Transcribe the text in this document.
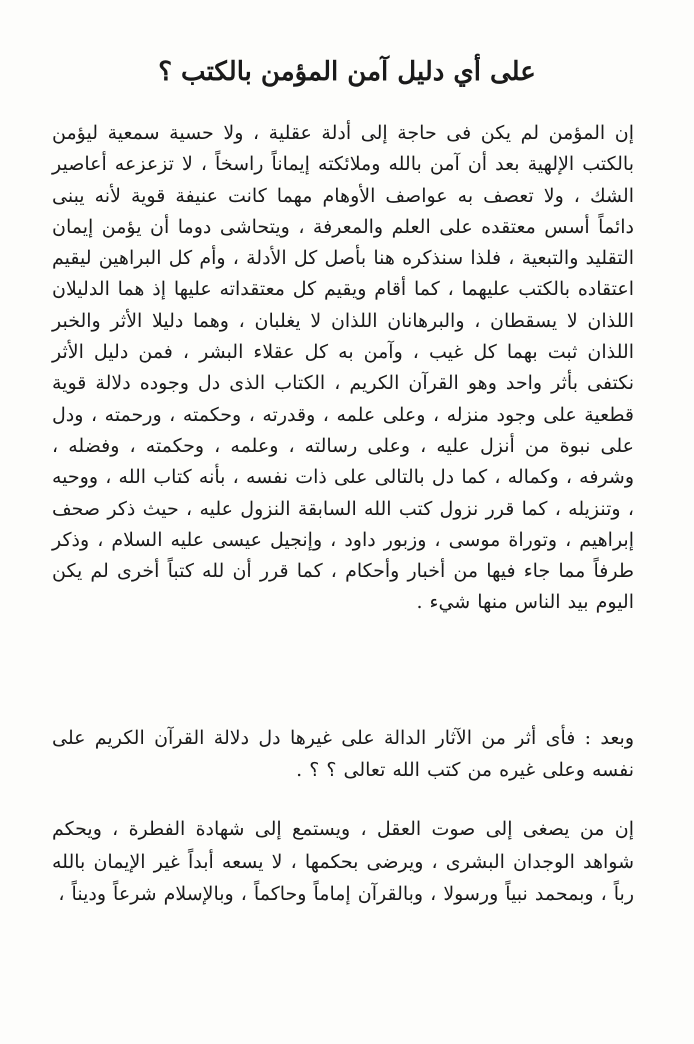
على أي دليل آمن المؤمن بالكتب ؟

إن المؤمن لم يكن فى حاجة إلى أدلة عقلية ، ولا حسية سمعية ليؤمن بالكتب الإلهية بعد أن آمن بالله وملائكته إيماناً راسخاً ، لا تزعزعه أعاصير الشك ، ولا تعصف به عواصف الأوهام مهما كانت عنيفة قوية لأنه يبنى دائماً أسس معتقده على العلم والمعرفة ، ويتحاشى دوما أن يؤمن إيمان التقليد والتبعية ، فلذا سنذكره هنا بأصل كل الأدلة ، وأم كل البراهين ليقيم اعتقاده بالكتب عليهما ، كما أقام ويقيم كل معتقداته عليها إذ هما الدليلان اللذان لا يسقطان ، والبرهانان اللذان لا يغلبان ، وهما دليلا الأثر والخبر اللذان ثبت بهما كل غيب ، وآمن به كل عقلاء البشر ، فمن دليل الأثر نكتفى بأثر واحد وهو القرآن الكريم ، الكتاب الذى دل وجوده دلالة قوية قطعية على وجود منزله ، وعلى علمه ، وقدرته ، وحكمته ، ورحمته ، ودل على نبوة من أنزل عليه ، وعلى رسالته ، وعلمه ، وحكمته ، وفضله ، وشرفه ، وكماله ، كما دل بالتالى على ذات نفسه ، بأنه كتاب الله ، ووحيه ، وتنزيله ، كما قرر نزول كتب الله السابقة النزول عليه ، حيث ذكر صحف إبراهيم ، وتوراة موسى ، وزبور داود ، وإنجيل عيسى عليه السلام ، وذكر طرفاً مما جاء فيها من أخبار وأحكام ، كما قرر أن لله كتباً أخرى لم يكن اليوم بيد الناس منها شيء .

وبعد : فأى أثر من الآثار الدالة على غيرها دل دلالة القرآن الكريم على نفسه وعلى غيره من كتب الله تعالى ؟ ؟ .

إن من يصغى إلى صوت العقل ، ويستمع إلى شهادة الفطرة ، ويحكم شواهد الوجدان البشرى ، ويرضى بحكمها ، لا يسعه أبداً غير الإيمان بالله رباً ، وبمحمد نبياً ورسولا ، وبالقرآن إماماً وحاكماً ، وبالإسلام شرعاً وديناً ،
